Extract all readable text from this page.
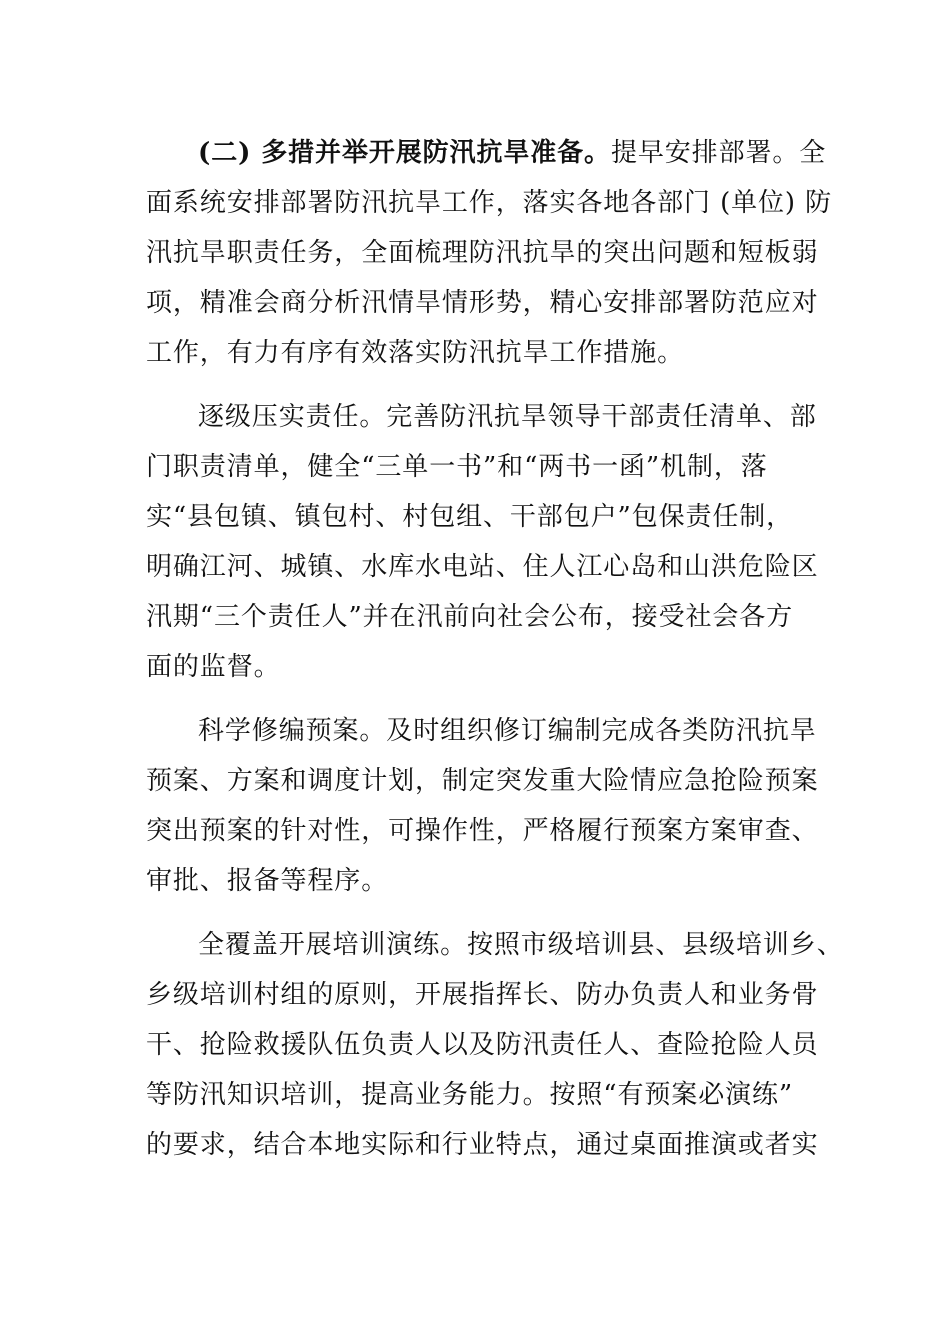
(二) 多措并举开展防汛抗旱准备。提早安排部署。全
面系统安排部署防汛抗旱工作，落实各地各部门 (单位) 防
汛抗旱职责任务，全面梳理防汛抗旱的突出问题和短板弱
项，精准会商分析汛情旱情形势，精心安排部署防范应对
工作，有力有序有效落实防汛抗旱工作措施。
逐级压实责任。完善防汛抗旱领导干部责任清单、部
门职责清单，健全“三单一书”和“两书一函”机制，落
实“县包镇、镇包村、村包组、干部包户”包保责任制，
明确江河、城镇、水库水电站、住人江心岛和山洪危险区
汛期“三个责任人”并在汛前向社会公布，接受社会各方
面的监督。
科学修编预案。及时组织修订编制完成各类防汛抗旱
预案、方案和调度计划，制定突发重大险情应急抢险预案
突出预案的针对性，可操作性，严格履行预案方案审查、
审批、报备等程序。
全覆盖开展培训演练。按照市级培训县、县级培训乡、
乡级培训村组的原则，开展指挥长、防办负责人和业务骨
干、抢险救援队伍负责人以及防汛责任人、查险抢险人员
等防汛知识培训，提高业务能力。按照“有预案必演练”
的要求，结合本地实际和行业特点，通过桌面推演或者实
